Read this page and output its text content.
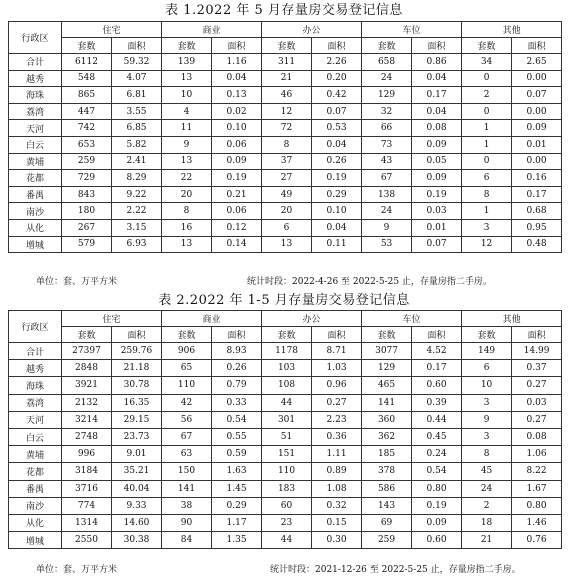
表 1.2022 年 5 月存量房交易登记信息
行政区	住宅		商业		办公		车位		其他	
	套数	面积	套数	面积	套数	面积	套数	面积	套数	面积
合计	6112	59.32	139	1.16	311	2.26	658	0.86	34	2.65
越秀	548	4.07	13	0.04	21	0.20	24	0.04	0	0.00
海珠	865	6.81	10	0.13	46	0.42	129	0.17	2	0.07
荔湾	447	3.55	4	0.02	12	0.07	32	0.04	0	0.00
天河	742	6.85	11	0.10	72	0.53	66	0.08	1	0.09
白云	653	5.82	9	0.06	8	0.04	73	0.09	1	0.01
黄埔	259	2.41	13	0.09	37	0.26	43	0.05	0	0.00
花都	729	8.29	22	0.19	27	0.19	67	0.09	6	0.16
番禺	843	9.22	20	0.21	49	0.29	138	0.19	8	0.17
南沙	180	2.22	8	0.06	20	0.10	24	0.03	1	0.68
从化	267	3.15	16	0.12	6	0.04	9	0.01	3	0.95
增城	579	6.93	13	0.14	13	0.11	53	0.07	12	0.48
单位：套、万平方米	统计时段：2022-4-26 至 2022-5-25 止，存量房指二手房。
表 2.2022 年 1-5 月存量房交易登记信息
行政区	住宅		商业		办公		车位		其他	
	套数	面积	套数	面积	套数	面积	套数	面积	套数	面积
合计	27397	259.76	906	8.93	1178	8.71	3077	4.52	149	14.99
越秀	2848	21.18	65	0.26	103	1.03	129	0.17	6	0.37
海珠	3921	30.78	110	0.79	108	0.96	465	0.60	10	0.27
荔湾	2132	16.35	42	0.33	44	0.27	141	0.39	3	0.03
天河	3214	29.15	56	0.54	301	2.23	360	0.44	9	0.27
白云	2748	23.73	67	0.55	51	0.36	362	0.45	3	0.08
黄埔	996	9.01	63	0.59	151	1.11	185	0.24	8	1.06
花都	3184	35.21	150	1.63	110	0.89	378	0.54	45	8.22
番禺	3716	40.04	141	1.45	183	1.08	586	0.80	24	1.67
南沙	774	9.33	38	0.29	60	0.32	143	0.19	2	0.80
从化	1314	14.60	90	1.17	23	0.15	69	0.09	18	1.46
增城	2550	30.38	84	1.35	44	0.30	259	0.60	21	0.76
单位：套、万平方米	统计时段：2021-12-26 至 2022-5-25 止，存量房指二手房。
